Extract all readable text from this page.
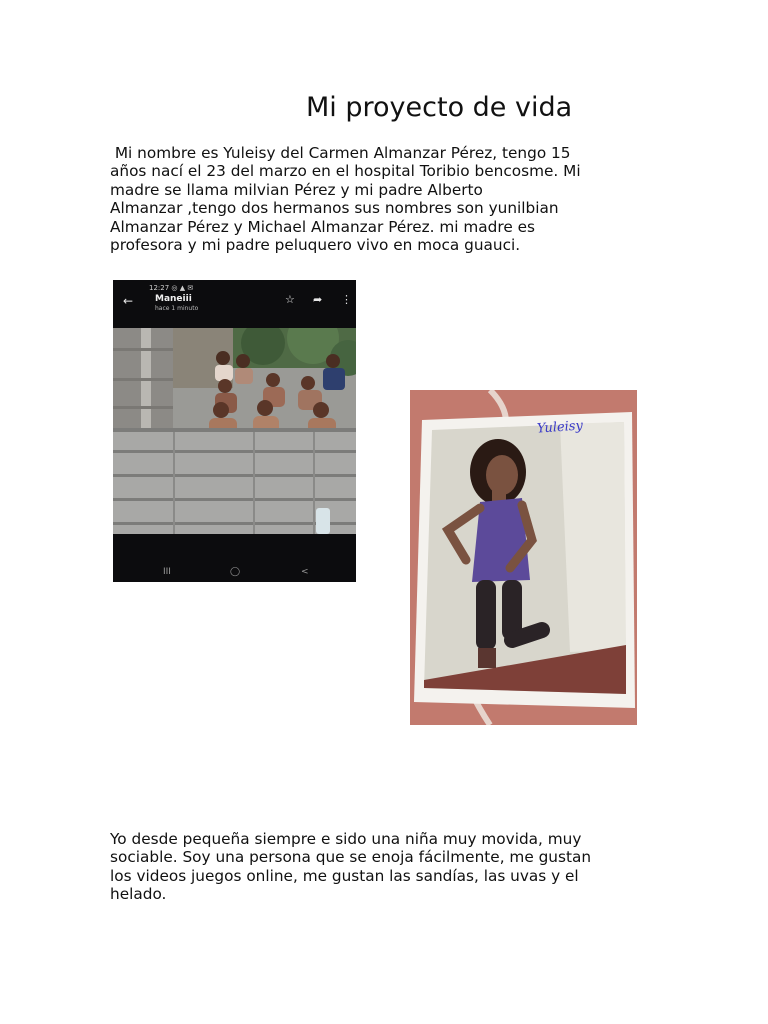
Mi proyecto de vida
Mi nombre es Yuleisy del Carmen Almanzar Pérez, tengo 15
años nací el 23 del marzo en el hospital Toribio bencosme. Mi
madre se llama milvian Pérez y mi padre Alberto
Almanzar ,tengo dos hermanos sus nombres son yunilbian
Almanzar Pérez y Michael Almanzar Pérez. mi madre es
profesora y mi padre peluquero vivo en moca guauci.
12:27 ◎ ▲ ✉
← Maneiii
hace 1 minuto
☆ ➦ ⋮
III	◯	<
Yuleisy
Yo desde pequeña siempre e sido una niña muy movida, muy
sociable. Soy una persona que se enoja fácilmente, me gustan
los videos juegos online, me gustan las sandías, las uvas y el
helado.
